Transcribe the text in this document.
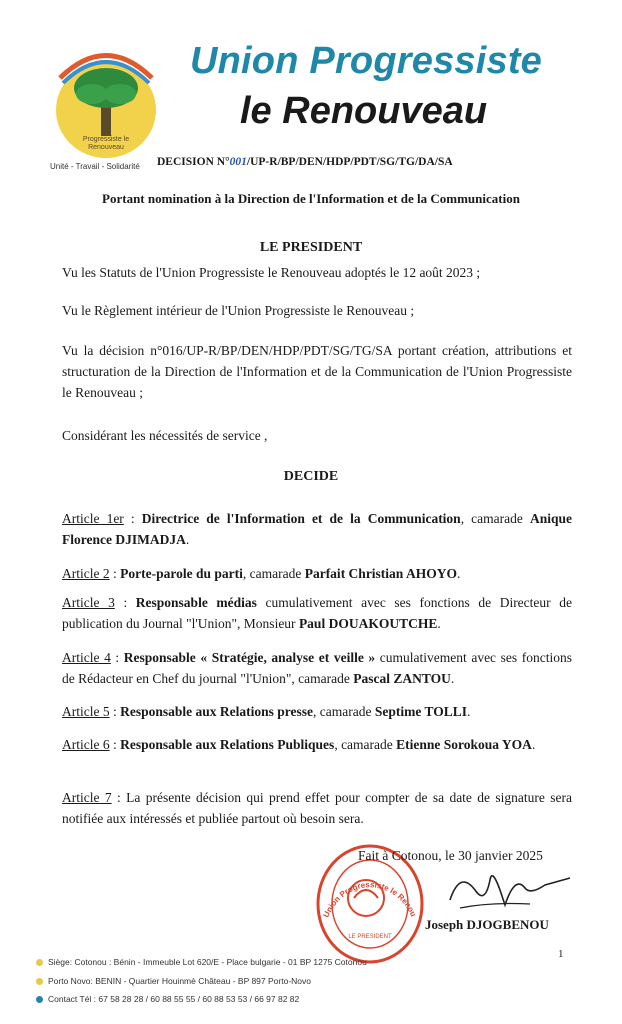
Progressiste le Renouveau
Union Progressiste
le Renouveau
Unité - Travail - Solidarité DECISION N°001/UP-R/BP/DEN/HDP/PDT/SG/TG/DA/SA
Portant nomination à la Direction de l'Information et de la Communication
LE PRESIDENT
Vu les Statuts de l'Union Progressiste le Renouveau adoptés le 12 août 2023 ;
Vu le Règlement intérieur de l'Union Progressiste le Renouveau ;
Vu la décision n°016/UP-R/BP/DEN/HDP/PDT/SG/TG/SA portant création, attributions et structuration de la Direction de l'Information et de la Communication de l'Union Progressiste le Renouveau ;
Considérant les nécessités de service ,
DECIDE
Article 1er : Directrice de l'Information et de la Communication, camarade Anique Florence DJIMADJA.
Article 2 : Porte-parole du parti, camarade Parfait Christian AHOYO.
Article 3 : Responsable médias cumulativement avec ses fonctions de Directeur de publication du Journal "l'Union", Monsieur Paul DOUAKOUTCHE.
Article 4 : Responsable « Stratégie, analyse et veille » cumulativement avec ses fonctions de Rédacteur en Chef du journal "l'Union", camarade Pascal ZANTOU.
Article 5 : Responsable aux Relations presse, camarade Septime TOLLI.
Article 6 : Responsable aux Relations Publiques, camarade Etienne Sorokoua YOA.
Article 7 : La présente décision qui prend effet pour compter de sa date de signature sera notifiée aux intéressés et publiée partout où besoin sera.
LE PRESIDENT
Union Progressiste le Renou
Fait à Cotonou, le 30 janvier 2025
Joseph DJOGBENOU
1
Siège: Cotonou : Bénin - Immeuble Lot 620/E - Place bulgarie - 01 BP 1275 Cotonou
Porto Novo: BENIN - Quartier Houinmè Château - BP 897 Porto-Novo
Contact Tél : 67 58 28 28 / 60 88 55 55 / 60 88 53 53 / 66 97 82 82
